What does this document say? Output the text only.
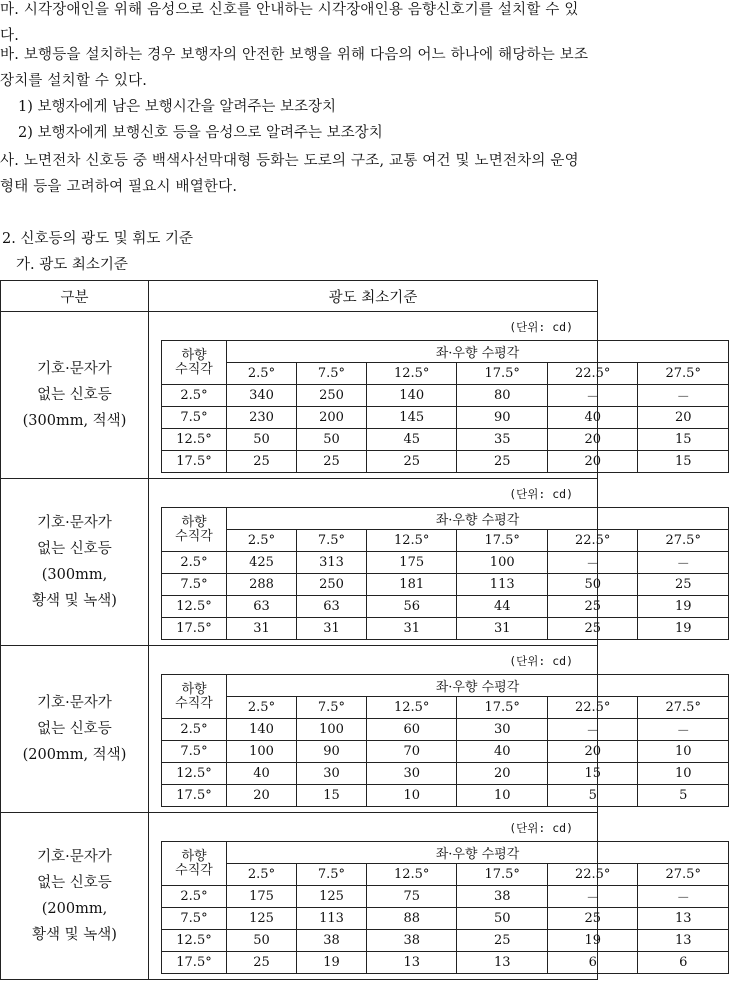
마. 시각장애인을 위해 음성으로 신호를 안내하는 시각장애인용 음향신호기를 설치할 수 있다.
바. 보행등을 설치하는 경우 보행자의 안전한 보행을 위해 다음의 어느 하나에 해당하는 보조장치를 설치할 수 있다.
1) 보행자에게 남은 보행시간을 알려주는 보조장치
2) 보행자에게 보행신호 등을 음성으로 알려주는 보조장치
사. 노면전차 신호등 중 백색사선막대형 등화는 도로의 구조, 교통 여건 및 노면전차의 운영 형태 등을 고려하여 필요시 배열한다.
2. 신호등의 광도 및 휘도 기준
가. 광도 최소기준
구분	광도 최소기준

기호·문자가
없는 신호등
(300mm, 적색)

(단위: cd)
하향
수직각
	좌·우향 수평각
2.5°	7.5°	12.5°	17.5°	22.5°	27.5°
2.5°	340	250	140	80	－	－
7.5°	230	200	145	90	40	20
12.5°	50	50	45	35	20	15
17.5°	25	25	25	25	20	15

기호·문자가
없는 신호등
(300mm,
황색 및 녹색)

(단위: cd)
하향
수직각
	좌·우향 수평각
2.5°	7.5°	12.5°	17.5°	22.5°	27.5°
2.5°	425	313	175	100	－	－
7.5°	288	250	181	113	50	25
12.5°	63	63	56	44	25	19
17.5°	31	31	31	31	25	19

기호·문자가
없는 신호등
(200mm, 적색)

(단위: cd)
하향
수직각
	좌·우향 수평각
2.5°	7.5°	12.5°	17.5°	22.5°	27.5°
2.5°	140	100	60	30	－	－
7.5°	100	90	70	40	20	10
12.5°	40	30	30	20	15	10
17.5°	20	15	10	10	5	5

기호·문자가
없는 신호등
(200mm,
황색 및 녹색)

(단위: cd)
하향
수직각
	좌·우향 수평각
2.5°	7.5°	12.5°	17.5°	22.5°	27.5°
2.5°	175	125	75	38	－	－
7.5°	125	113	88	50	25	13
12.5°	50	38	38	25	19	13
17.5°	25	19	13	13	6	6
